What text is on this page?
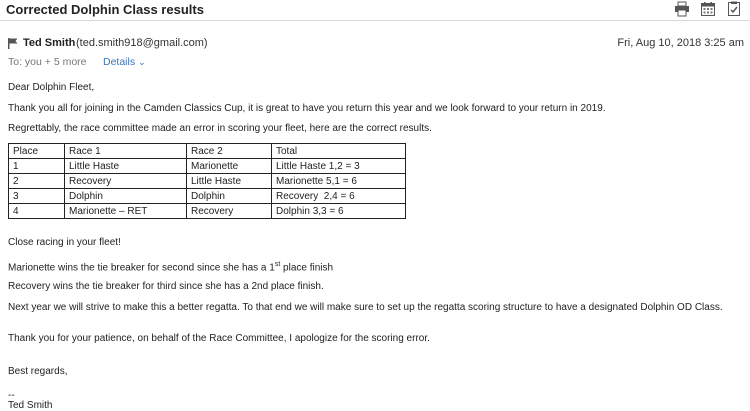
Corrected Dolphin Class results
Ted Smith (ted.smith918@gmail.com)	Fri, Aug 10, 2018 3:25 am
To: you + 5 more Details ⌄
Dear Dolphin Fleet,
Thank you all for joining in the Camden Classics Cup, it is great to have you return this year and we look forward to your return in 2019.
Regrettably, the race committee made an error in scoring your fleet, here are the correct results.
Place	Race 1	Race 2	Total
1	Little Haste	Marionette	Little Haste 1,2 = 3
2	Recovery	Little Haste	Marionette 5,1 = 6
3	Dolphin	Dolphin	Recovery  2,4 = 6
4	Marionette – RET	Recovery	Dolphin 3,3 = 6
Close racing in your fleet!
Marionette wins the tie breaker for second since she has a 1st place finish
Recovery wins the tie breaker for third since she has a 2nd place finish.
Next year we will strive to make this a better regatta. To that end we will make sure to set up the regatta scoring structure to have a designated Dolphin OD Class.
Thank you for your patience, on behalf of the Race Committee, I apologize for the scoring error.
Best regards,
--
Ted Smith
